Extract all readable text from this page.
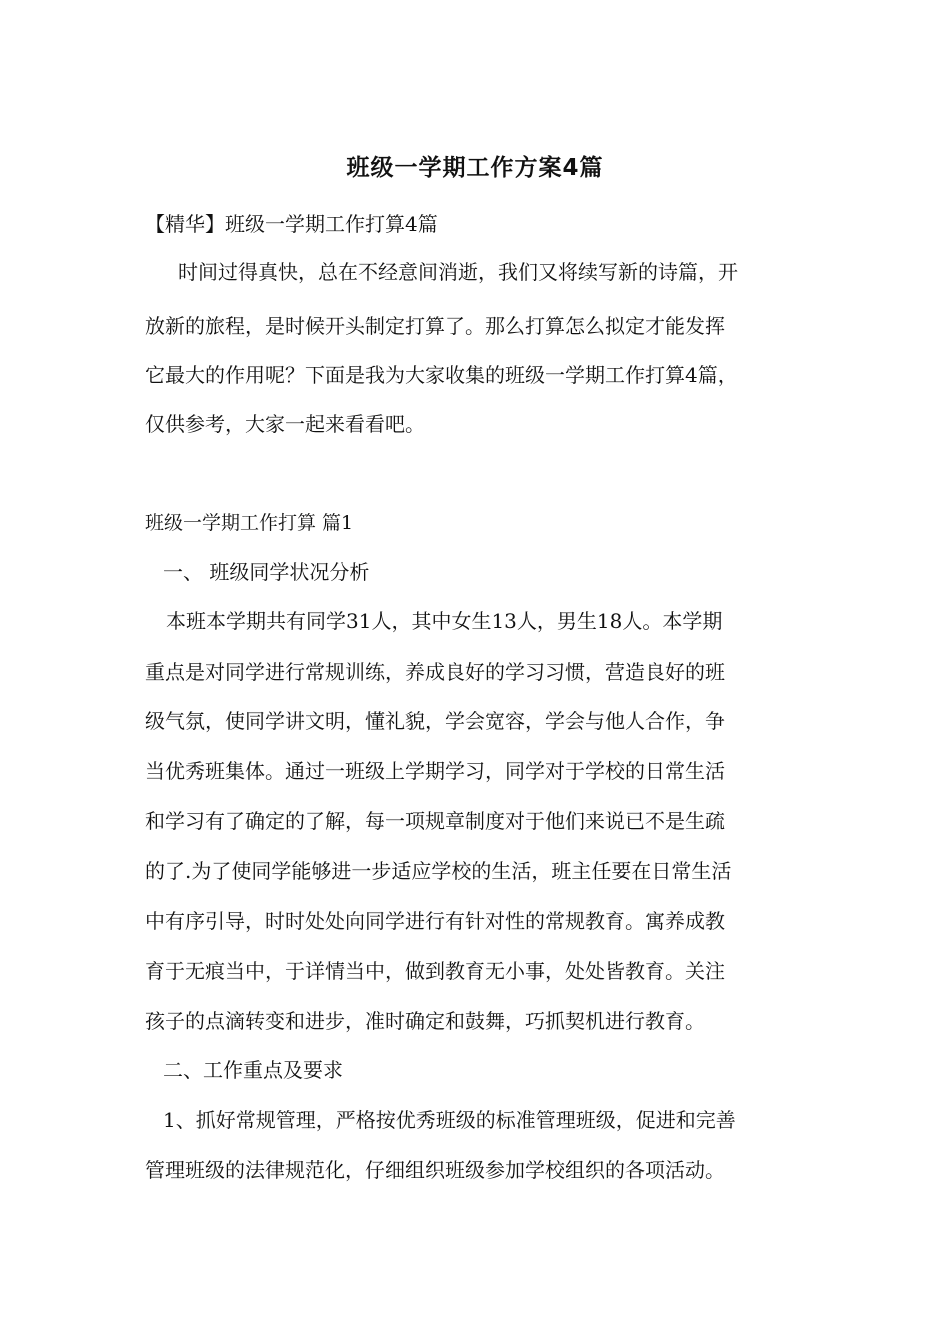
班级一学期工作方案4篇
【精华】班级一学期工作打算4篇
时间过得真快，总在不经意间消逝，我们又将续写新的诗篇，开
放新的旅程，是时候开头制定打算了。那么打算怎么拟定才能发挥
它最大的作用呢？下面是我为大家收集的班级一学期工作打算4篇，
仅供参考，大家一起来看看吧。
班级一学期工作打算 篇1
一、 班级同学状况分析
本班本学期共有同学31人，其中女生13人，男生18人。本学期
重点是对同学进行常规训练，养成良好的学习习惯，营造良好的班
级气氛，使同学讲文明，懂礼貌，学会宽容，学会与他人合作，争
当优秀班集体。通过一班级上学期学习，同学对于学校的日常生活
和学习有了确定的了解，每一项规章制度对于他们来说已不是生疏
的了.为了使同学能够进一步适应学校的生活，班主任要在日常生活
中有序引导，时时处处向同学进行有针对性的常规教育。寓养成教
育于无痕当中，于详情当中，做到教育无小事，处处皆教育。关注
孩子的点滴转变和进步，准时确定和鼓舞，巧抓契机进行教育。
二、工作重点及要求
1、抓好常规管理，严格按优秀班级的标准管理班级，促进和完善
管理班级的法律规范化，仔细组织班级参加学校组织的各项活动。
